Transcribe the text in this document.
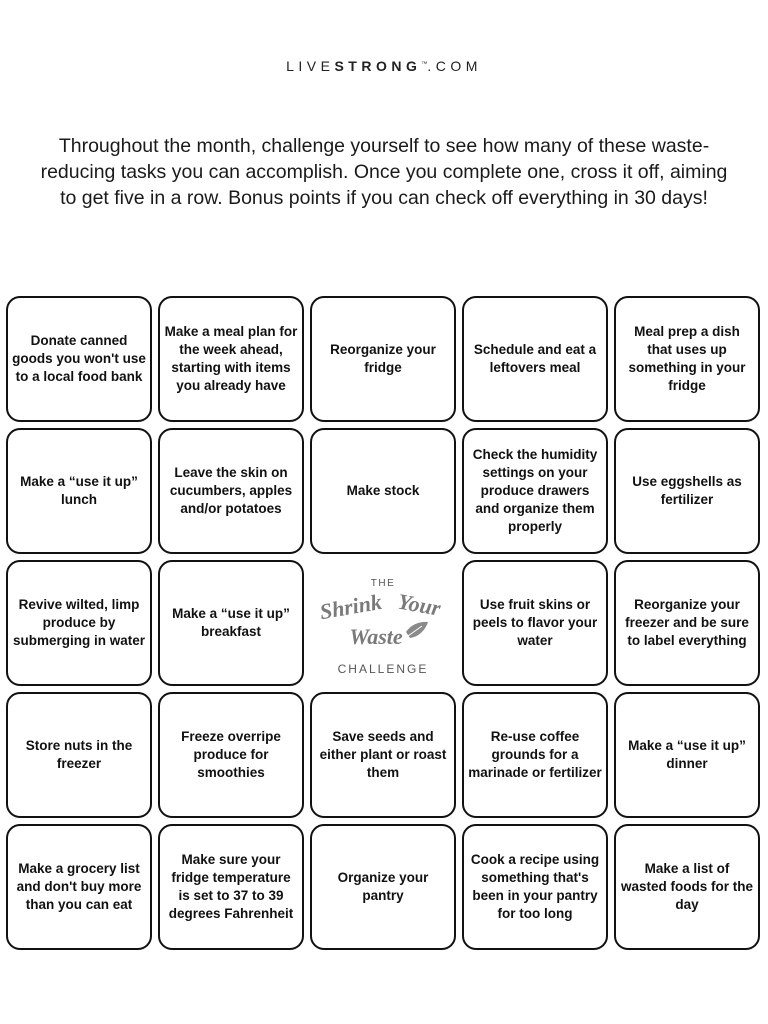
LIVESTRONG™.COM
Throughout the month, challenge yourself to see how many of these waste-reducing tasks you can accomplish. Once you complete one, cross it off, aiming to get five in a row. Bonus points if you can check off everything in 30 days!
Donate canned goods you won't use to a local food bank
Make a meal plan for the week ahead, starting with items you already have
Reorganize your fridge
Schedule and eat a leftovers meal
Meal prep a dish that uses up something in your fridge
Make a “use it up” lunch
Leave the skin on cucumbers, apples and/or potatoes
Make stock
Check the humidity settings on your produce drawers and organize them properly
Use eggshells as fertilizer
Revive wilted, limp produce by submerging in water
Make a “use it up” breakfast
THE
Shrink Your
Waste
CHALLENGE
Use fruit skins or peels to flavor your water
Reorganize your freezer and be sure to label everything
Store nuts in the freezer
Freeze overripe produce for smoothies
Save seeds and either plant or roast them
Re-use coffee grounds for a marinade or fertilizer
Make a “use it up” dinner
Make a grocery list and don't buy more than you can eat
Make sure your fridge temperature is set to 37 to 39 degrees Fahrenheit
Organize your pantry
Cook a recipe using something that's been in your pantry for too long
Make a list of wasted foods for the day
